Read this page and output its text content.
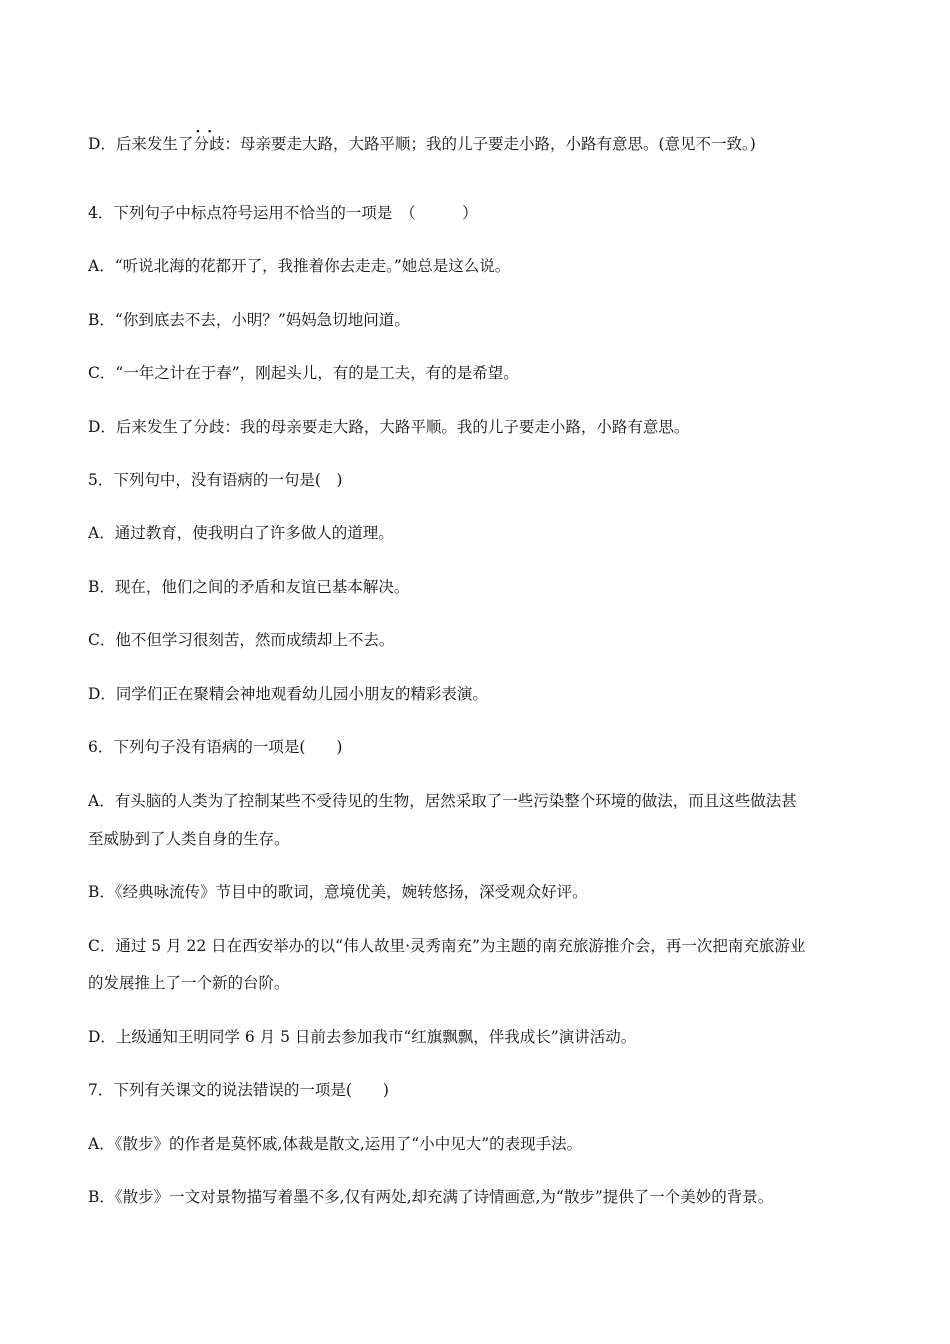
D．后来发生了· · 分歧：母亲要走大路，大路平顺；我的儿子要走小路，小路有意思。(意见不一致。)
4．下列句子中标点符号运用不恰当的一项是　（　　　）
A．“听说北海的花都开了，我推着你去走走。”她总是这么说。
B．“你到底去不去，小明？”妈妈急切地问道。
C．“一年之计在于春”，刚起头儿，有的是工夫，有的是希望。
D．后来发生了分歧：我的母亲要走大路，大路平顺。我的儿子要走小路，小路有意思。
5．下列句中，没有语病的一句是(　)
A．通过教育，使我明白了许多做人的道理。
B．现在，他们之间的矛盾和友谊已基本解决。
C．他不但学习很刻苦，然而成绩却上不去。
D．同学们正在聚精会神地观看幼儿园小朋友的精彩表演。
6．下列句子没有语病的一项是(　　)
A．有头脑的人类为了控制某些不受待见的生物，居然采取了一些污染整个环境的做法，而且这些做法甚
至威胁到了人类自身的生存。
B．《经典咏流传》节目中的歌词，意境优美，婉转悠扬，深受观众好评。
C．通过 5 月 22 日在西安举办的以“伟人故里·灵秀南充”为主题的南充旅游推介会，再一次把南充旅游业
的发展推上了一个新的台阶。
D．上级通知王明同学 6 月 5 日前去参加我市“红旗飘飘，伴我成长”演讲活动。
7．下列有关课文的说法错误的一项是(　　)
A．《散步》的作者是莫怀戚,体裁是散文,运用了“小中见大”的表现手法。
B．《散步》一文对景物描写着墨不多,仅有两处,却充满了诗情画意,为“散步”提供了一个美妙的背景。
